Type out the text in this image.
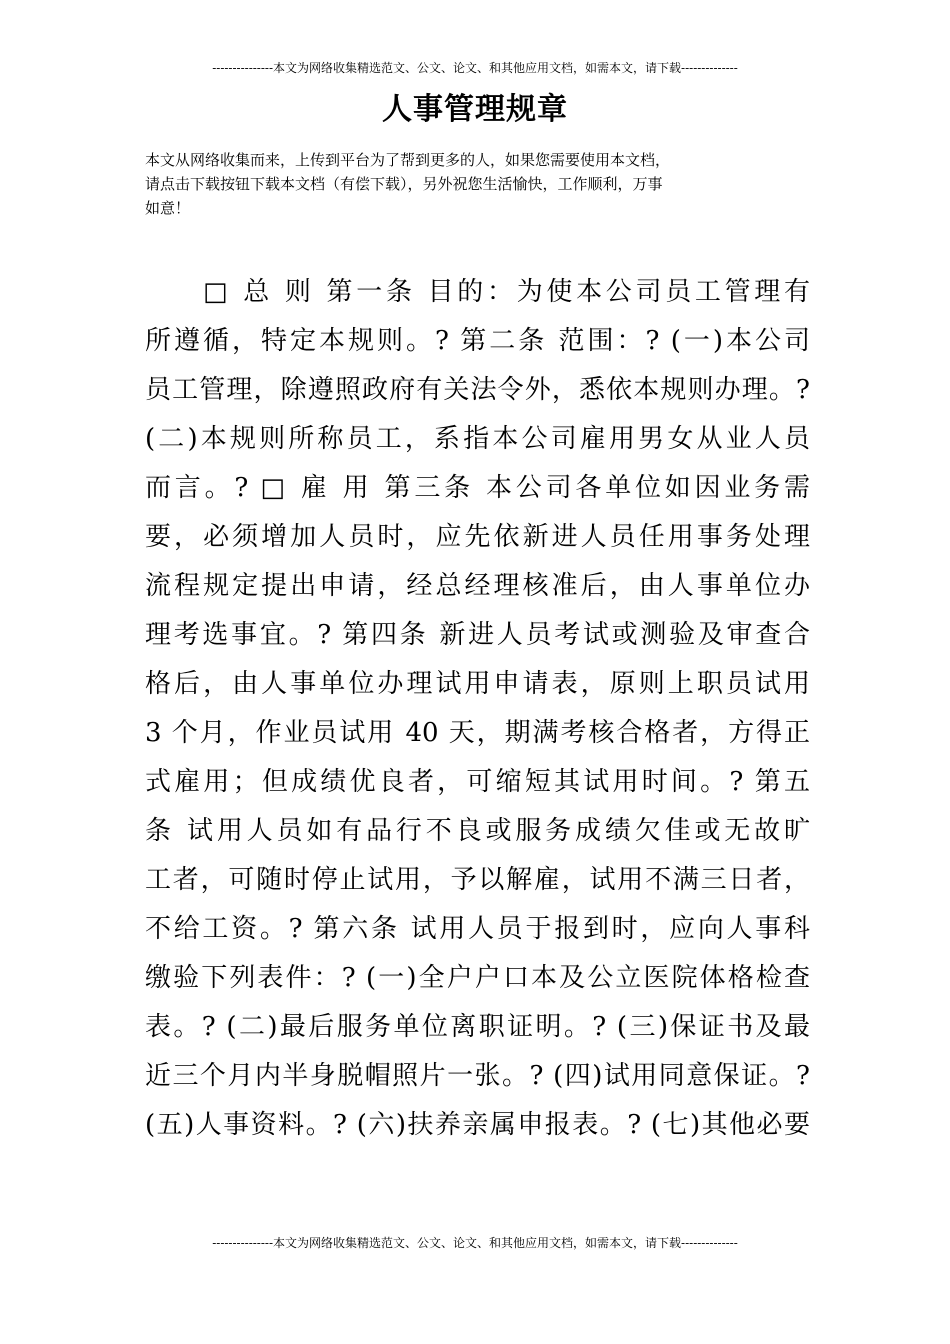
---------------本文为网络收集精选范文、公文、论文、和其他应用文档，如需本文，请下载--------------
人事管理规章
本文从网络收集而来，上传到平台为了帮到更多的人，如果您需要使用本文档，
请点击下载按钮下载本文档（有偿下载），另外祝您生活愉快，工作顺利，万事
如意！
□ 总 则 第一条 目的：为使本公司员工管理有
所遵循，特定本规则。? 第二条 范围：? (一)本公司
员工管理，除遵照政府有关法令外，悉依本规则办理。?
(二)本规则所称员工，系指本公司雇用男女从业人员
而言。? □ 雇 用 第三条 本公司各单位如因业务需
要，必须增加人员时，应先依新进人员任用事务处理
流程规定提出申请，经总经理核准后，由人事单位办
理考选事宜。? 第四条 新进人员考试或测验及审查合
格后，由人事单位办理试用申请表，原则上职员试用
3 个月，作业员试用 40 天，期满考核合格者，方得正
式雇用；但成绩优良者，可缩短其试用时间。? 第五
条 试用人员如有品行不良或服务成绩欠佳或无故旷
工者，可随时停止试用，予以解雇，试用不满三日者，
不给工资。? 第六条 试用人员于报到时，应向人事科
缴验下列表件：? (一)全户户口本及公立医院体格检查
表。? (二)最后服务单位离职证明。? (三)保证书及最
近三个月内半身脱帽照片一张。? (四)试用同意保证。?
(五)人事资料。? (六)扶养亲属申报表。? (七)其他必要
---------------本文为网络收集精选范文、公文、论文、和其他应用文档，如需本文，请下载--------------
